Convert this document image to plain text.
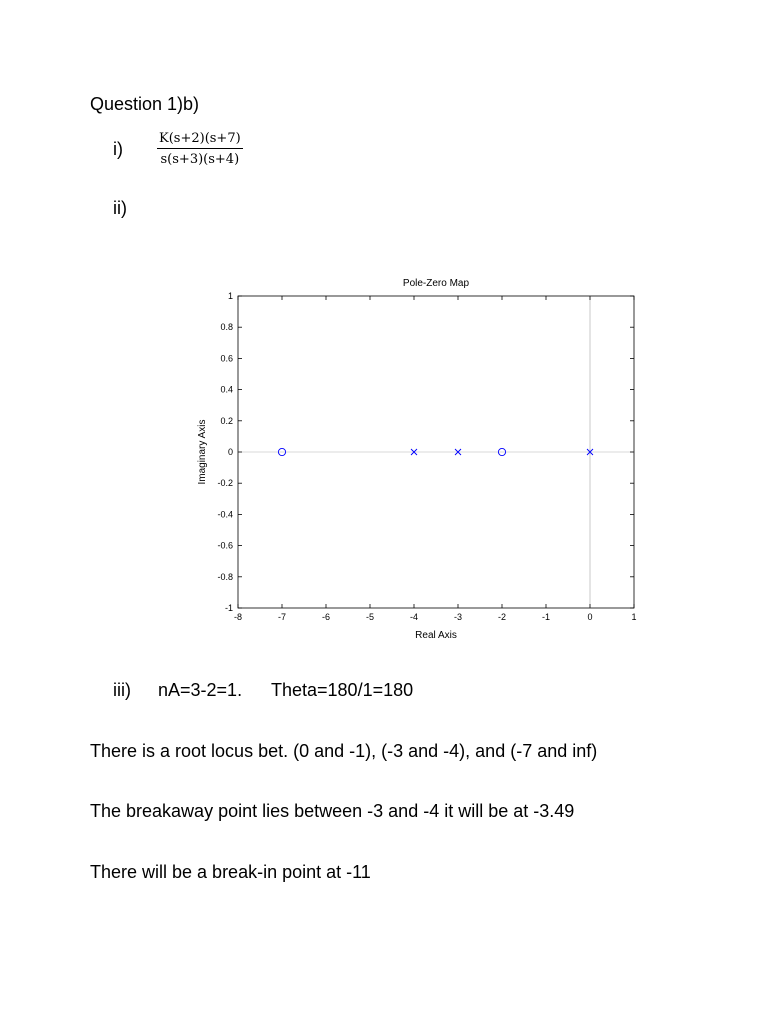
Question 1)b)
i)
K(s+2)(s+7)
s(s+3)(s+4)
ii)
-8	-7	-6	-5	-4	-3	-2	-1	0	1
-1
-0.8
-0.6
-0.4
-0.2
0
0.2
0.4
0.6
0.8
1
Pole-Zero Map
Real Axis
Imaginary Axis
iii) nA=3-2=1. Theta=180/1=180
There is a root locus bet. (0 and -1), (-3 and -4), and (-7 and inf)
The breakaway point lies between -3 and -4 it will be at -3.49
There will be a break-in point at -11
